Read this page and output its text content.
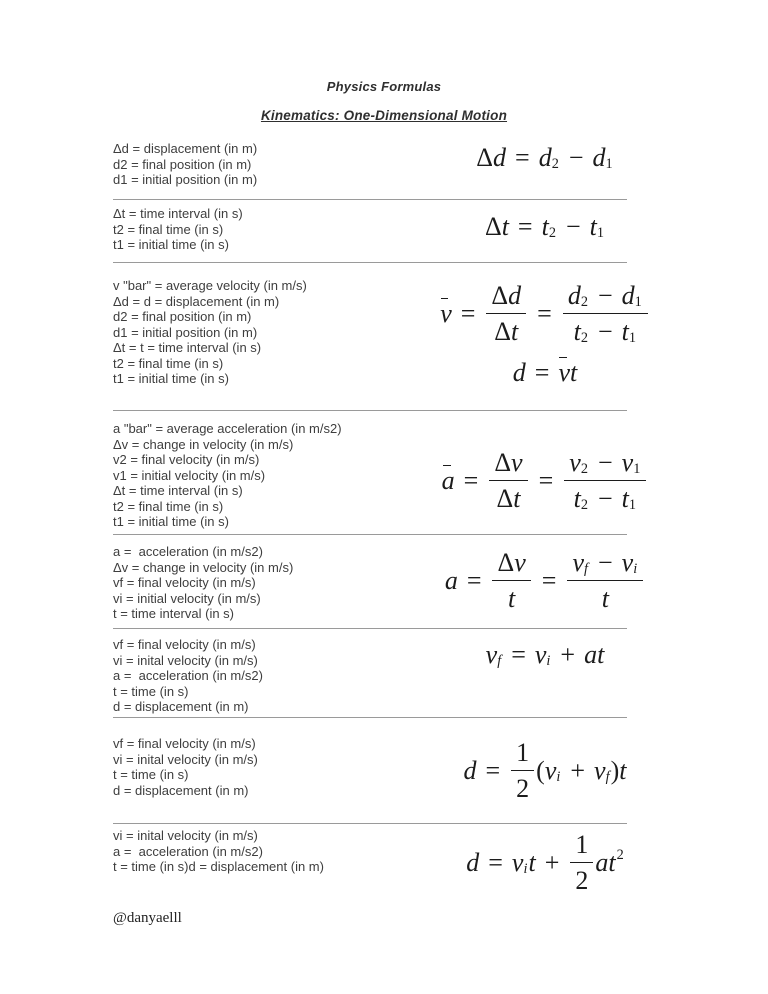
Physics Formulas
Kinematics: One-Dimensional Motion
Δd = displacement (in m)
d2 = final position (in m)
d1 = initial position (in m)
Δ d = d 2 − d 1
Δt = time interval (in s)
t2 = final time (in s)
t1 = initial time (in s)
Δ t = t 2 − t 1
v "bar" = average velocity (in m/s)
Δd = d = displacement (in m)
d2 = final position (in m)
d1 = initial position (in m)
Δt = t = time interval (in s)
t2 = final time (in s)
t1 = initial time (in s)
$v = \frac{\text{Δ d}}{\text{Δ t}} = \frac{d 2 - d 1}{t 2 - t 1}$
d = v t
a "bar" = average acceleration (in m/s2)
Δv = change in velocity (in m/s)
v2 = final velocity (in m/s)
v1 = initial velocity (in m/s)
Δt = time interval (in s)
t2 = final time (in s)
t1 = initial time (in s)
$a = \frac{\text{Δ v}}{\text{Δ t}} = \frac{v 2 - v 1}{t 2 - t 1}$
a =  acceleration (in m/s2)
Δv = change in velocity (in m/s)
vf = final velocity (in m/s)
vi = initial velocity (in m/s)
t = time interval (in s)
$a = \frac{\text{Δ v}}{t} = \frac{\text{v f − v i}}{t}$
vf = final velocity (in m/s)
vi = inital velocity (in m/s)
a =  acceleration (in m/s2)
t = time (in s)
d = displacement (in m)
v f = v i + a t
vf = final velocity (in m/s)
vi = inital velocity (in m/s)
t = time (in s)
d = displacement (in m)
$d = \frac{1}{2}$ ( v i + v f ) t
vi = inital velocity (in m/s)
a =  acceleration (in m/s2)
t = time (in s)d = displacement (in m)	d = v i $t + \frac{1}{2}$ a t 2
@danyaelll
